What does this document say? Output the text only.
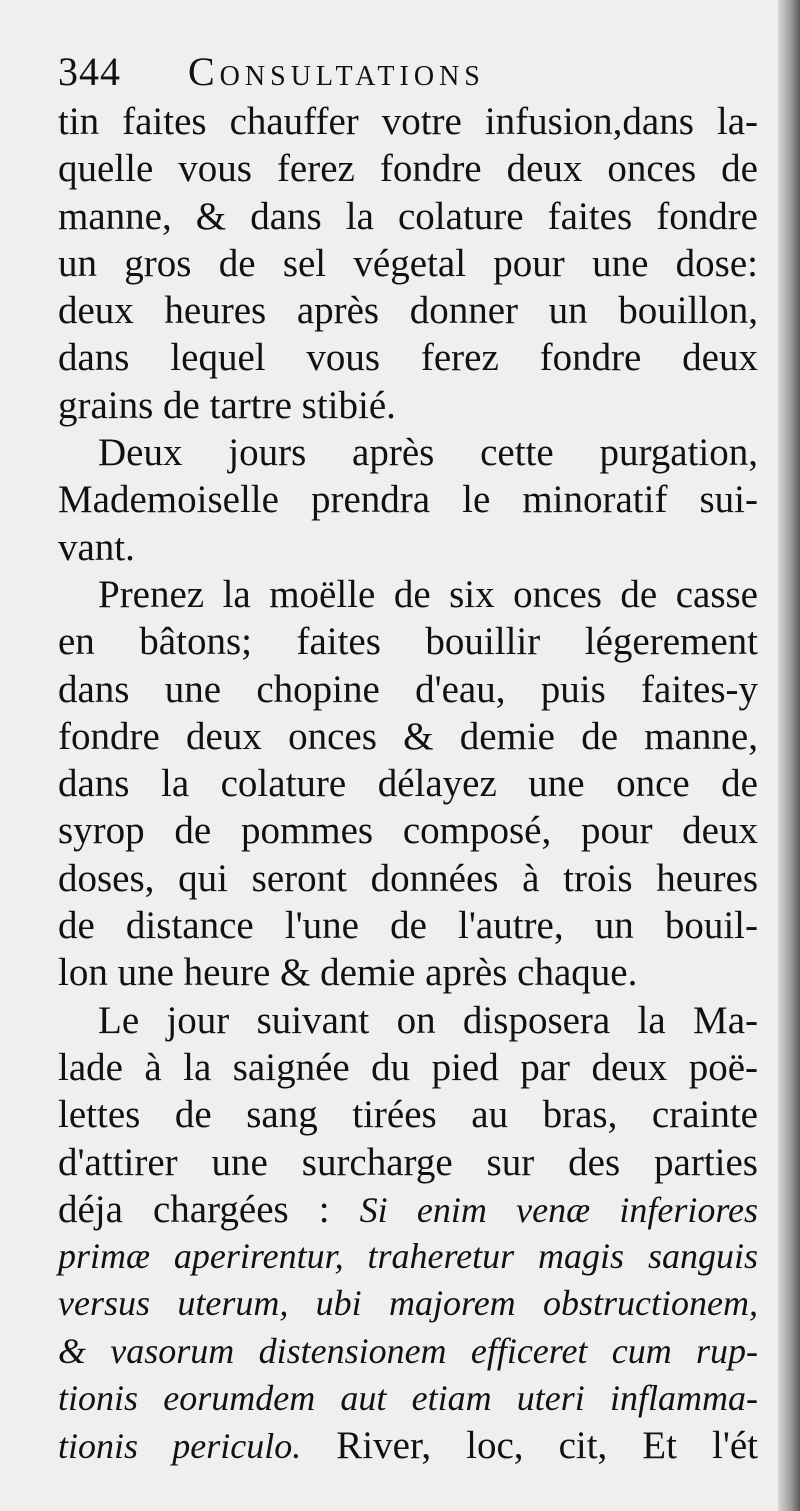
344 Consultations
tin faites chauffer votre infusion,dans la-
quelle vous ferez fondre deux onces de
manne, & dans la colature faites fondre
un gros de sel végetal pour une dose:
deux heures après donner un bouillon,
dans lequel vous ferez fondre deux
grains de tartre stibié.
Deux jours après cette purgation,
Mademoiselle prendra le minoratif sui-
vant.
Prenez la moëlle de six onces de casse
en bâtons; faites bouillir légerement
dans une chopine d'eau, puis faites-y
fondre deux onces & demie de manne,
dans la colature délayez une once de
syrop de pommes composé, pour deux
doses, qui seront données à trois heures
de distance l'une de l'autre, un bouil-
lon une heure & demie après chaque.
Le jour suivant on disposera la Ma-
lade à la saignée du pied par deux poë-
lettes de sang tirées au bras, crainte
d'attirer une surcharge sur des parties
déja chargées : Si enim venæ inferiores
primæ aperirentur, traheretur magis sanguis
versus uterum, ubi majorem obstructionem,
& vasorum distensionem efficeret cum rup-
tionis eorumdem aut etiam uteri inflamma-
tionis periculo. River, loc, cit, Et l'ét
